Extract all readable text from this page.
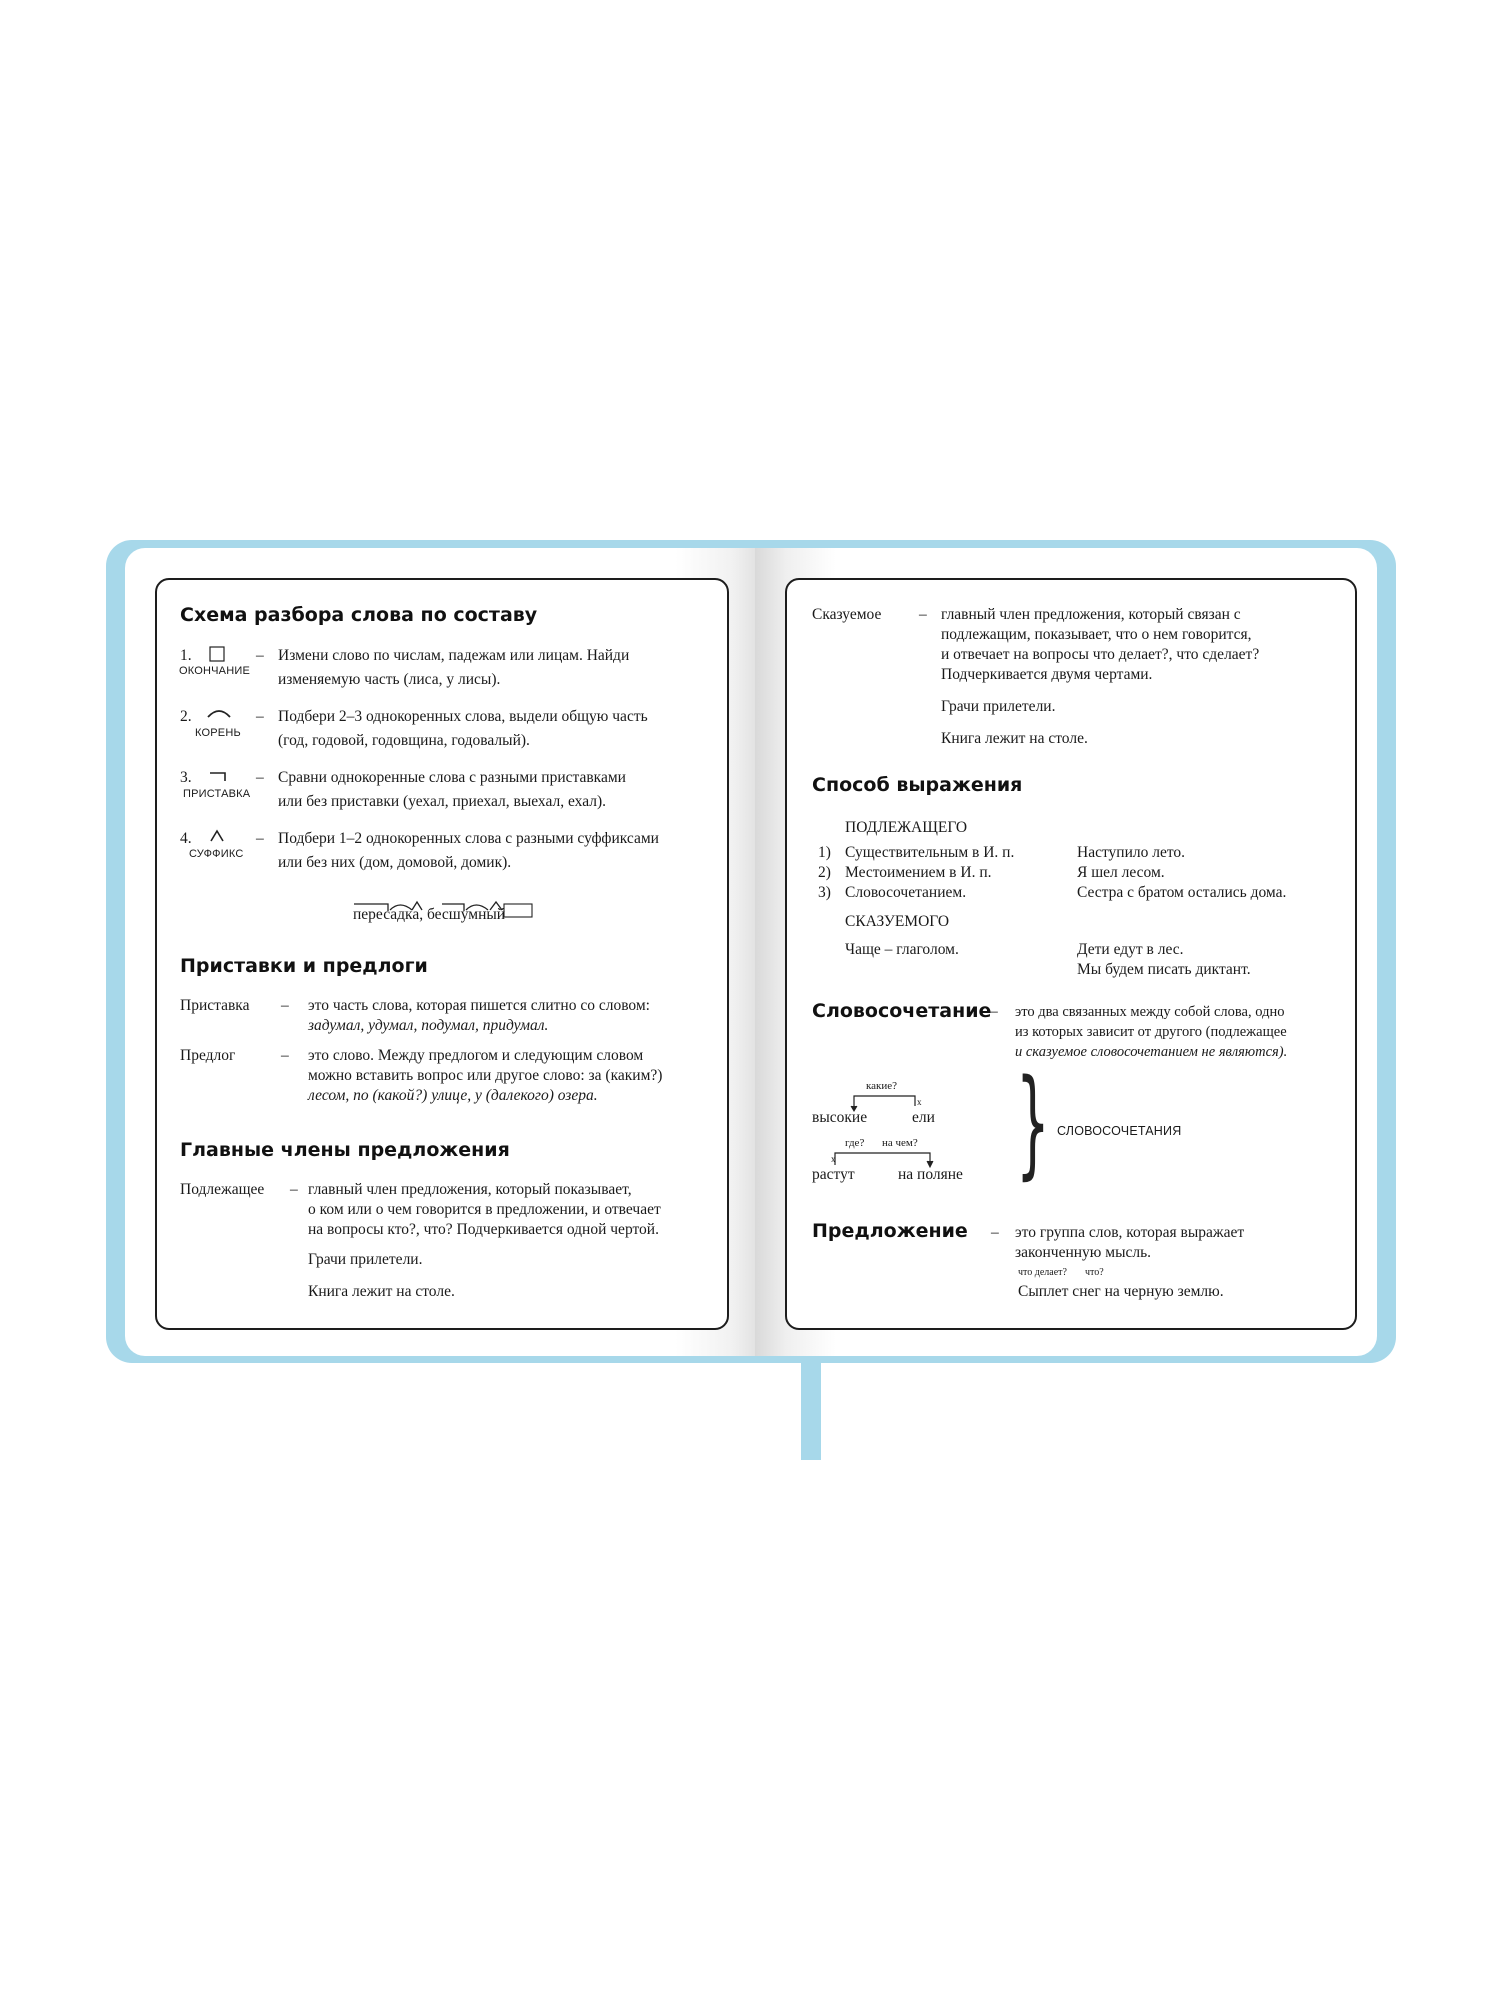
Схема разбора слова по составу
1.
ОКОНЧАНИЕ
– Измени слово по числам, падежам или лицам. Найди
изменяемую часть (лиса, у лисы).
2.
КОРЕНЬ
– Подбери 2–3 однокоренных слова, выдели общую часть
(год, годовой, годовщина, годовалый).
3.
ПРИСТАВКА
– Сравни однокоренные слова с разными приставками
или без приставки (уехал, приехал, выехал, ехал).
4.
СУФФИКС
– Подбери 1–2 однокоренных слова с разными суффиксами
или без них (дом, домовой, домик).
пересадка, бесшумный
Приставки и предлоги
Приставка – это часть слова, которая пишется слитно со словом:
задумал, удумал, подумал, придумал.
Предлог	– это слово. Между предлогом и следующим словом
можно вставить вопрос или другое слово: за (каким?)
лесом, по (какой?) улице, у (далекого) озера.
Главные члены предложения
Подлежащее – главный член предложения, который показывает,
о ком или о чем говорится в предложении, и отвечает
на вопросы кто?, что? Подчеркивается одной чертой.
Грачи прилетели.
Книга лежит на столе.
Сказуемое – главный член предложения, который связан с
подлежащим, показывает, что о нем говорится,
и отвечает на вопросы что делает?, что сделает?
Подчеркивается двумя чертами.
Грачи прилетели.
Книга лежит на столе.
Способ выражения
ПОДЛЕЖАЩЕГО
1) Существительным в И. п.	Наступило лето.
2) Местоимением в И. п.	Я шел лесом.
3) Словосочетанием.	Сестра с братом остались дома.
СКАЗУЕМОГО
Чаще – глаголом.	Дети едут в лес.
Мы будем писать диктант.
Словосочетание
– это два связанных между собой слова, одно
из которых зависит от другого (подлежащее
и сказуемое словосочетанием не являются).
какие?
x
высокие	ели
где? на чем?
x
растут	на поляне } СЛОВОСОЧЕТАНИЯ
Предложение – это группа слов, которая выражает
законченную мысль.
что делает? что?
Сыплет снег на черную землю.
